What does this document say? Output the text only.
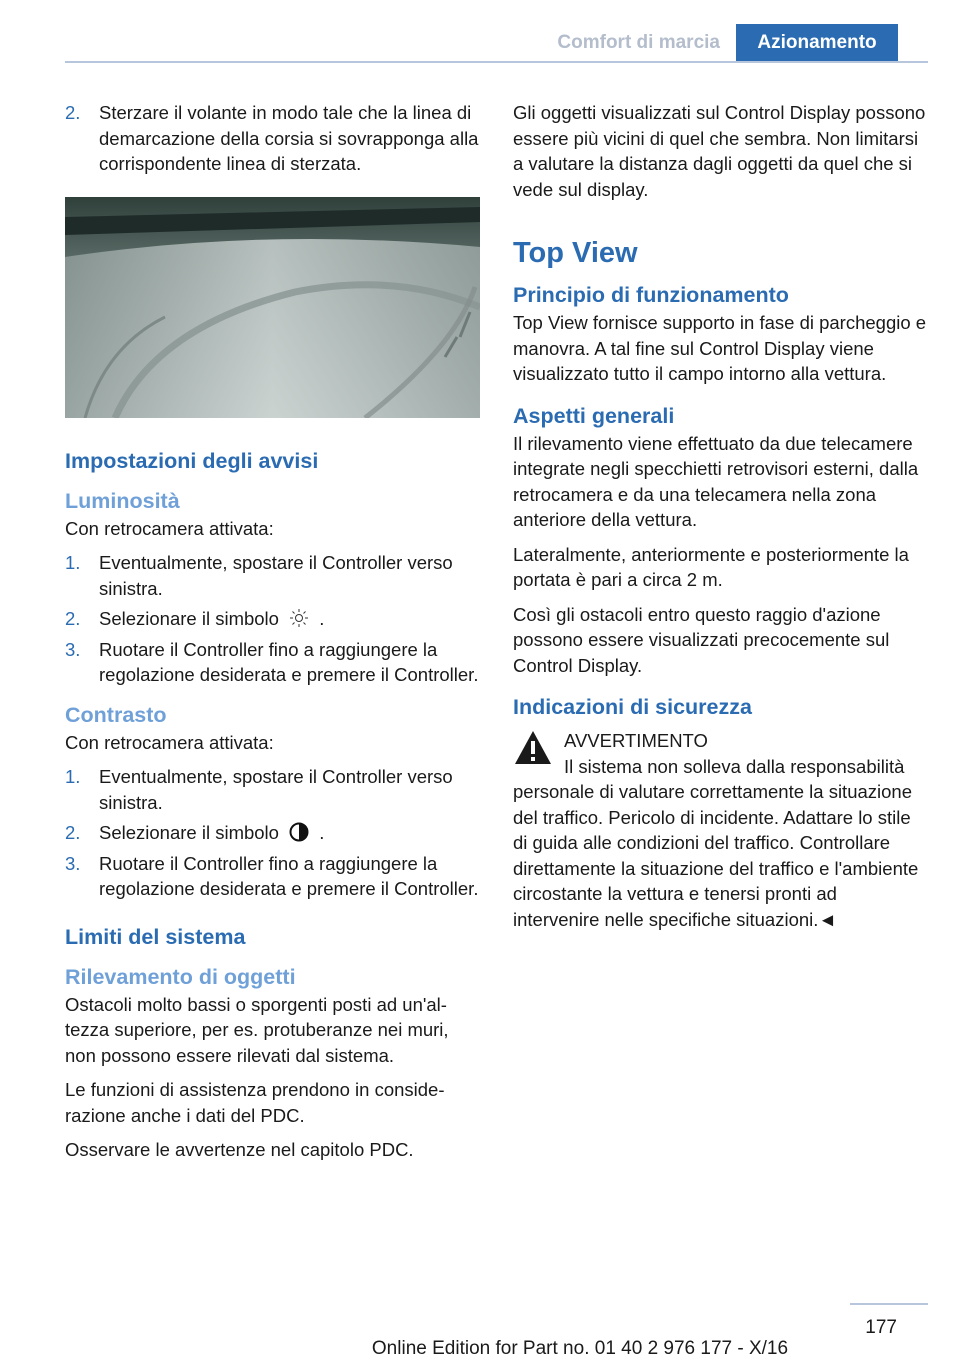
Comfort di marcia	Azionamento
2. Sterzare il volante in modo tale che la linea di demarcazione della corsia si sovrapponga alla corrispondente linea di sterzata.
Impostazioni degli avvisi
Luminosità

Con retrocamera attivata:

1. Eventualmente, spostare il Controller verso sinistra.
2. Selezionare il simbolo .
3. Ruotare il Controller fino a raggiungere la regolazione desiderata e premere il Controller.
Contrasto

Con retrocamera attivata:

1. Eventualmente, spostare il Controller verso sinistra.
2. Selezionare il simbolo .
3. Ruotare il Controller fino a raggiungere la regolazione desiderata e premere il Controller.
Limiti del sistema
Rilevamento di oggetti

Ostacoli molto bassi o sporgenti posti ad un'altezza superiore, per es. protuberanze nei muri, non possono essere rilevati dal sistema.

Le funzioni di assistenza prendono in considerazione anche i dati del PDC.

Osservare le avvertenze nel capitolo PDC.

Gli oggetti visualizzati sul Control Display possono essere più vicini di quel che sembra. Non limitarsi a valutare la distanza dagli oggetti da quel che si vede sul display.

Top View
Principio di funzionamento

Top View fornisce supporto in fase di parcheggio e manovra. A tal fine sul Control Display viene visualizzato tutto il campo intorno alla vettura.

Aspetti generali

Il rilevamento viene effettuato da due telecamere integrate negli specchietti retrovisori esterni, dalla retrocamera e da una telecamera nella zona anteriore della vettura.

Lateralmente, anteriormente e posteriormente la portata è pari a circa 2 m.

Così gli ostacoli entro questo raggio d'azione possono essere visualizzati precocemente sul Control Display.

Indicazioni di sicurezza

AVVERTIMENTO

Il sistema non solleva dalla responsabilità personale di valutare correttamente la situazione del traffico. Pericolo di incidente. Adattare lo stile di guida alle condizioni del traffico. Controllare direttamente la situazione del traffico e l'ambiente circostante la vettura e tenersi pronti ad intervenire nelle specifiche situazioni.◄

177
Online Edition for Part no. 01 40 2 976 177 - X/16
